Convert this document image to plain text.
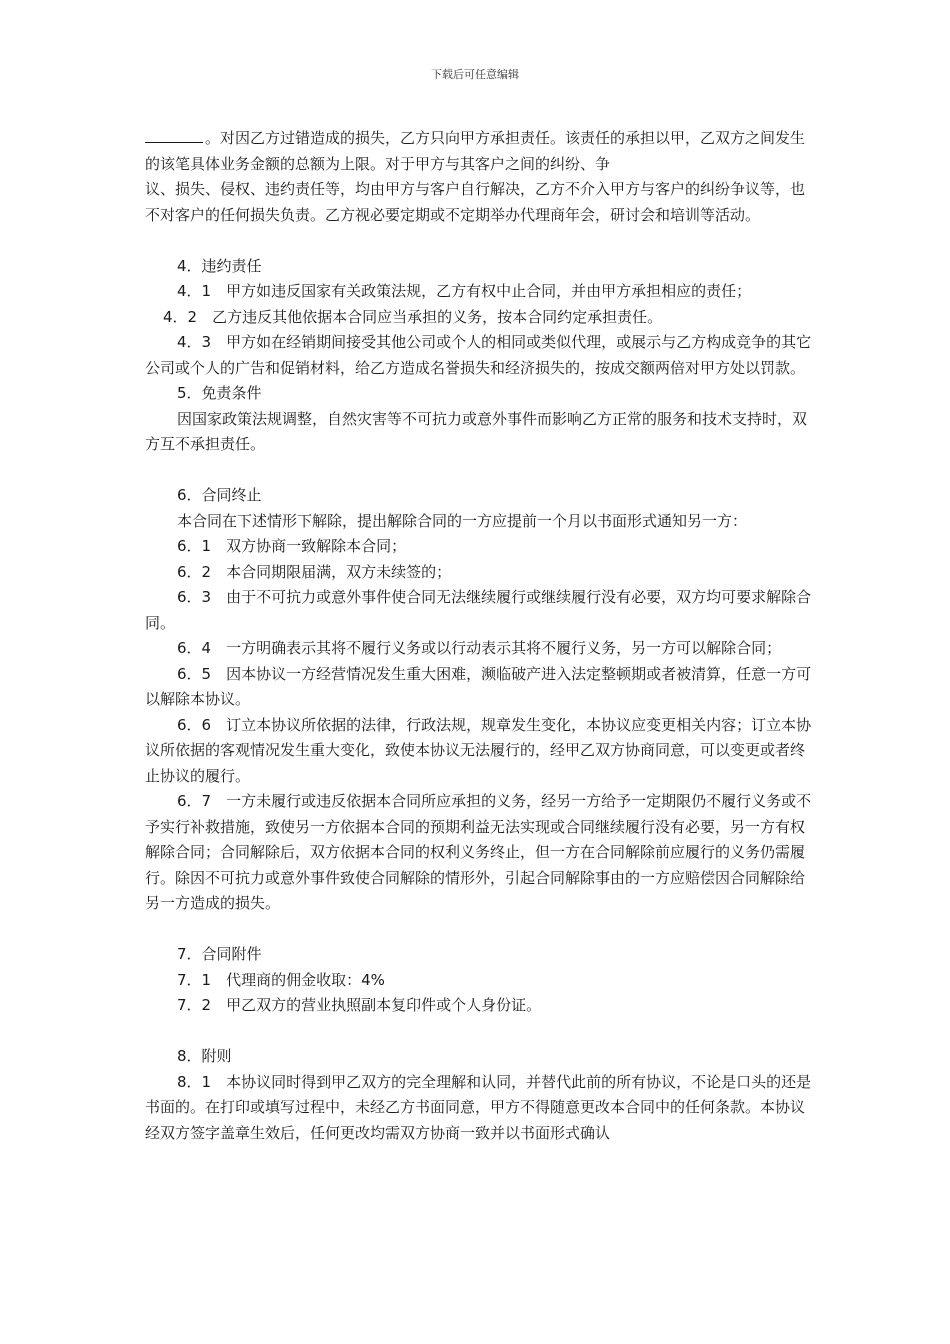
下载后可任意编辑

。对因乙方过错造成的损失，乙方只向甲方承担责任。该责任的承担以甲，乙双方之间发生的该笔具体业务金额的总额为上限。对于甲方与其客户之间的纠纷、争

议、损失、侵权、违约责任等，均由甲方与客户自行解决，乙方不介入甲方与客户的纠纷争议等，也不对客户的任何损失负责。乙方视必要定期或不定期举办代理商年会，研讨会和培训等活动。

4．违约责任

4．1　甲方如违反国家有关政策法规，乙方有权中止合同，并由甲方承担相应的责任；

4．2　乙方违反其他依据本合同应当承担的义务，按本合同约定承担责任。

4．3　甲方如在经销期间接受其他公司或个人的相同或类似代理，或展示与乙方构成竞争的其它公司或个人的广告和促销材料，给乙方造成名誉损失和经济损失的，按成交额两倍对甲方处以罚款。

5．免责条件

因国家政策法规调整，自然灾害等不可抗力或意外事件而影响乙方正常的服务和技术支持时，双方互不承担责任。

6．合同终止

本合同在下述情形下解除，提出解除合同的一方应提前一个月以书面形式通知另一方：

6．1　双方协商一致解除本合同；

6．2　本合同期限届满，双方未续签的；

6．3　由于不可抗力或意外事件使合同无法继续履行或继续履行没有必要，双方均可要求解除合同。

6．4　一方明确表示其将不履行义务或以行动表示其将不履行义务，另一方可以解除合同；

6．5　因本协议一方经营情况发生重大困难，濒临破产进入法定整顿期或者被清算，任意一方可以解除本协议。

6．6　订立本协议所依据的法律，行政法规，规章发生变化，本协议应变更相关内容；订立本协议所依据的客观情况发生重大变化，致使本协议无法履行的，经甲乙双方协商同意，可以变更或者终止协议的履行。

6．7　一方未履行或违反依据本合同所应承担的义务，经另一方给予一定期限仍不履行义务或不予实行补救措施，致使另一方依据本合同的预期利益无法实现或合同继续履行没有必要，另一方有权解除合同；合同解除后，双方依据本合同的权利义务终止，但一方在合同解除前应履行的义务仍需履行。除因不可抗力或意外事件致使合同解除的情形外，引起合同解除事由的一方应赔偿因合同解除给另一方造成的损失。

7．合同附件

7．1　代理商的佣金收取：4%

7．2　甲乙双方的营业执照副本复印件或个人身份证。

8．附则

8．1　本协议同时得到甲乙双方的完全理解和认同，并替代此前的所有协议，不论是口头的还是书面的。在打印或填写过程中，未经乙方书面同意，甲方不得随意更改本合同中的任何条款。本协议经双方签字盖章生效后，任何更改均需双方协商一致并以书面形式确认
